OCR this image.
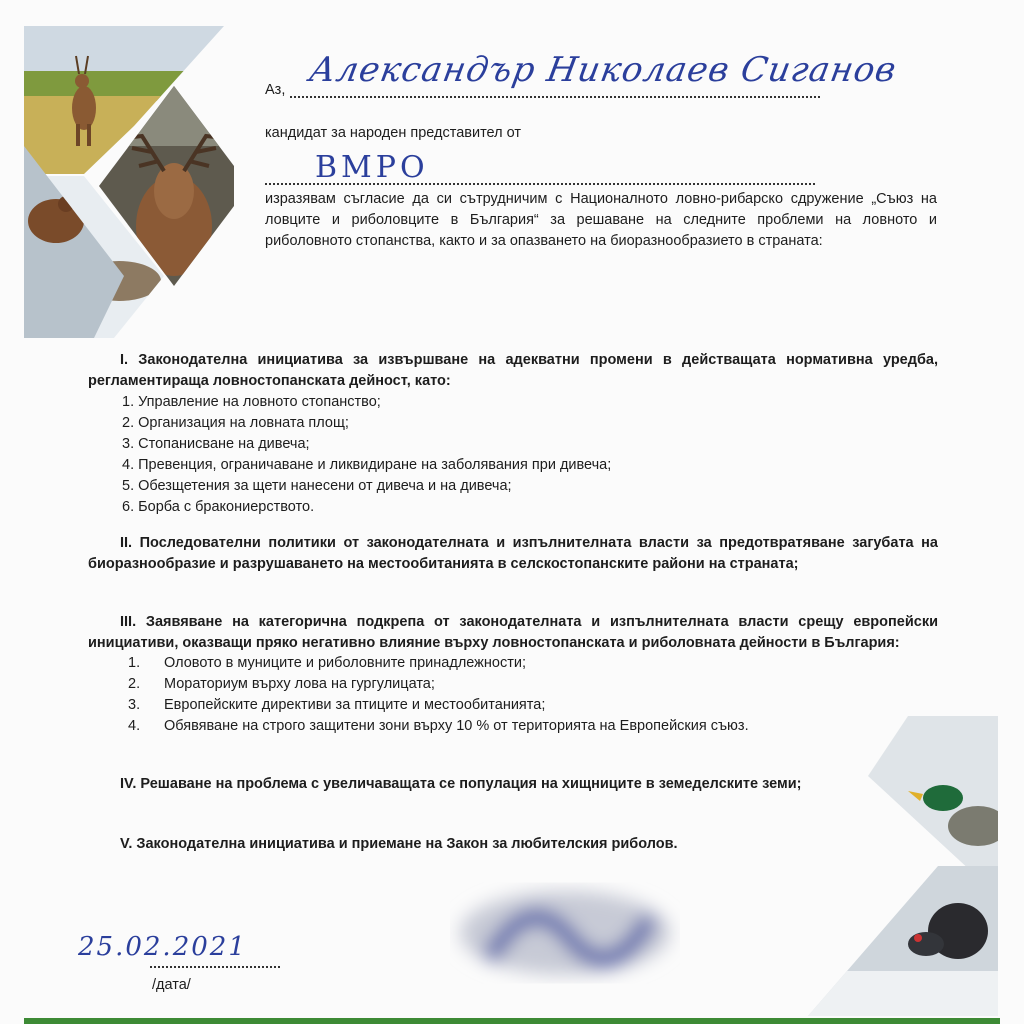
Аз, Александър Николаев Сиганов
кандидат за народен представител от
ВМРО
изразявам съгласие да си сътрудничим с Националното ловно-рибарско сдружение „Съюз на ловците и риболовците в България“ за решаване на следните проблеми на ловното и риболовното стопанства, както и за опазването на биоразнообразието в страната:
I. Законодателна инициатива за извършване на адекватни промени в действащата нормативна уредба, регламентираща ловностопанската дейност, като:
1. Управление на ловното стопанство;
2. Организация на ловната площ;
3. Стопанисване на дивеча;
4. Превенция, ограничаване и ликвидиране на заболявания при дивеча;
5. Обезщетения за щети нанесени от дивеча и на дивеча;
6. Борба с бракониерството.
II. Последователни политики от законодателната и изпълнителната власти за предотвратяване загубата на биоразнообразие и разрушаването на местообитанията в селскостопанските райони на страната;
III. Заявяване на категорична подкрепа от законодателната и изпълнителната власти срещу европейски инициативи, оказващи пряко негативно влияние върху ловностопанската и риболовната дейности в България:
1. Оловото в муниците и риболовните принадлежности;
2. Мораториум върху лова на гургулицата;
3. Европейските директиви за птиците и местообитанията;
4. Обявяване на строго защитени зони върху 10 % от територията на Европейския съюз.
IV. Решаване на проблема с увеличаващата се популация на хищниците в земеделските земи;
V. Законодателна инициатива и приемане на Закон за любителския риболов.
25.02.2021
/дата/
